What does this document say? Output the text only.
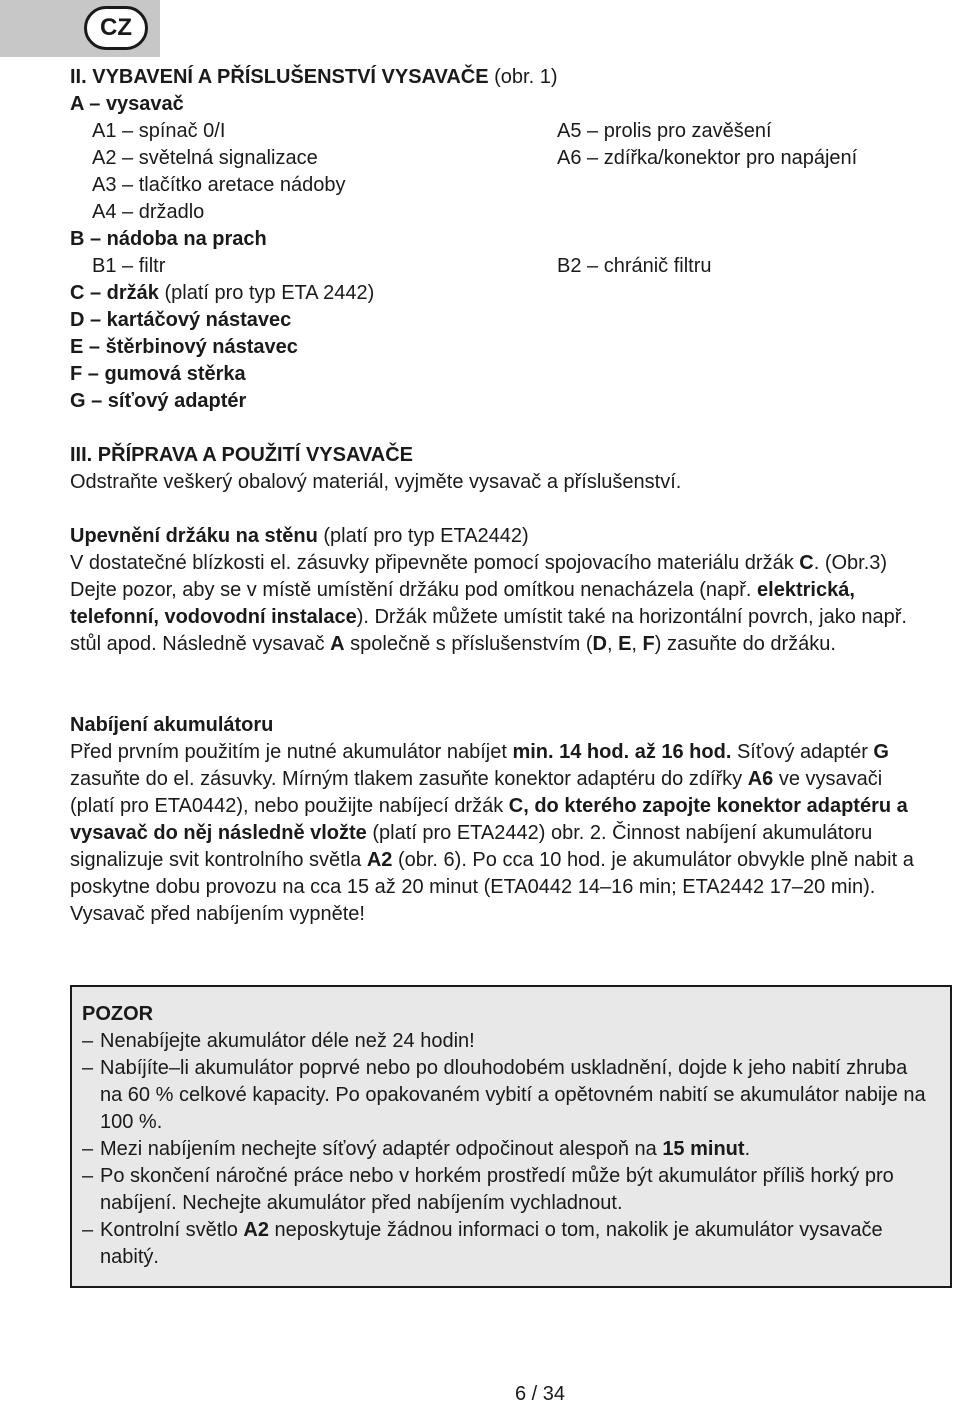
CZ
II. VYBAVENÍ A PŘÍSLUŠENSTVÍ VYSAVAČE (obr. 1)
A – vysavač
A1 – spínač 0/I	A5 – prolis pro zavěšení
A2 – světelná signalizace	A6 – zdířka/konektor pro napájení
A3 – tlačítko aretace nádoby
A4 – držadlo
B – nádoba na prach
B1 – filtr	B2 – chránič filtru
C – držák (platí pro typ ETA 2442)
D – kartáčový nástavec
E – štěrbinový nástavec
F – gumová stěrka
G – síťový adaptér
III. PŘÍPRAVA A POUŽITÍ VYSAVAČE
Odstraňte veškerý obalový materiál, vyjměte vysavač a příslušenství.
Upevnění držáku na stěnu (platí pro typ ETA2442)

V dostatečné blízkosti el. zásuvky připevněte pomocí spojovacího materiálu držák C. (Obr.3) Dejte pozor, aby se v místě umístění držáku pod omítkou nenacházela (např. elektrická, telefonní, vodovodní instalace). Držák můžete umístit také na horizontální povrch, jako např. stůl apod. Následně vysavač A společně s příslušenstvím (D, E, F) zasuňte do držáku.

Nabíjení akumulátoru

Před prvním použitím je nutné akumulátor nabíjet min. 14 hod. až 16 hod. Síťový adaptér G zasuňte do el. zásuvky. Mírným tlakem zasuňte konektor adaptéru do zdířky A6 ve vysavači (platí pro ETA0442), nebo použijte nabíjecí držák C, do kterého zapojte konektor adaptéru a vysavač do něj následně vložte (platí pro ETA2442) obr. 2. Činnost nabíjení akumulátoru signalizuje svit kontrolního světla A2 (obr. 6). Po cca 10 hod. je akumulátor obvykle plně nabit a poskytne dobu provozu na cca 15 až 20 minut (ETA0442 14–16 min; ETA2442 17–20 min). Vysavač před nabíjením vypněte!

POZOR
– Nenabíjejte akumulátor déle než 24 hodin!
– Nabíjíte–li akumulátor poprvé nebo po dlouhodobém uskladnění, dojde k jeho nabití zhruba na 60 % celkové kapacity. Po opakovaném vybití a opětovném nabití se akumulátor nabije na 100 %.
– Mezi nabíjením nechejte síťový adaptér odpočinout alespoň na 15 minut.
– Po skončení náročné práce nebo v horkém prostředí může být akumulátor příliš horký pro nabíjení. Nechejte akumulátor před nabíjením vychladnout.
– Kontrolní světlo A2 neposkytuje žádnou informaci o tom, nakolik je akumulátor vysavače nabitý.
6 / 34
